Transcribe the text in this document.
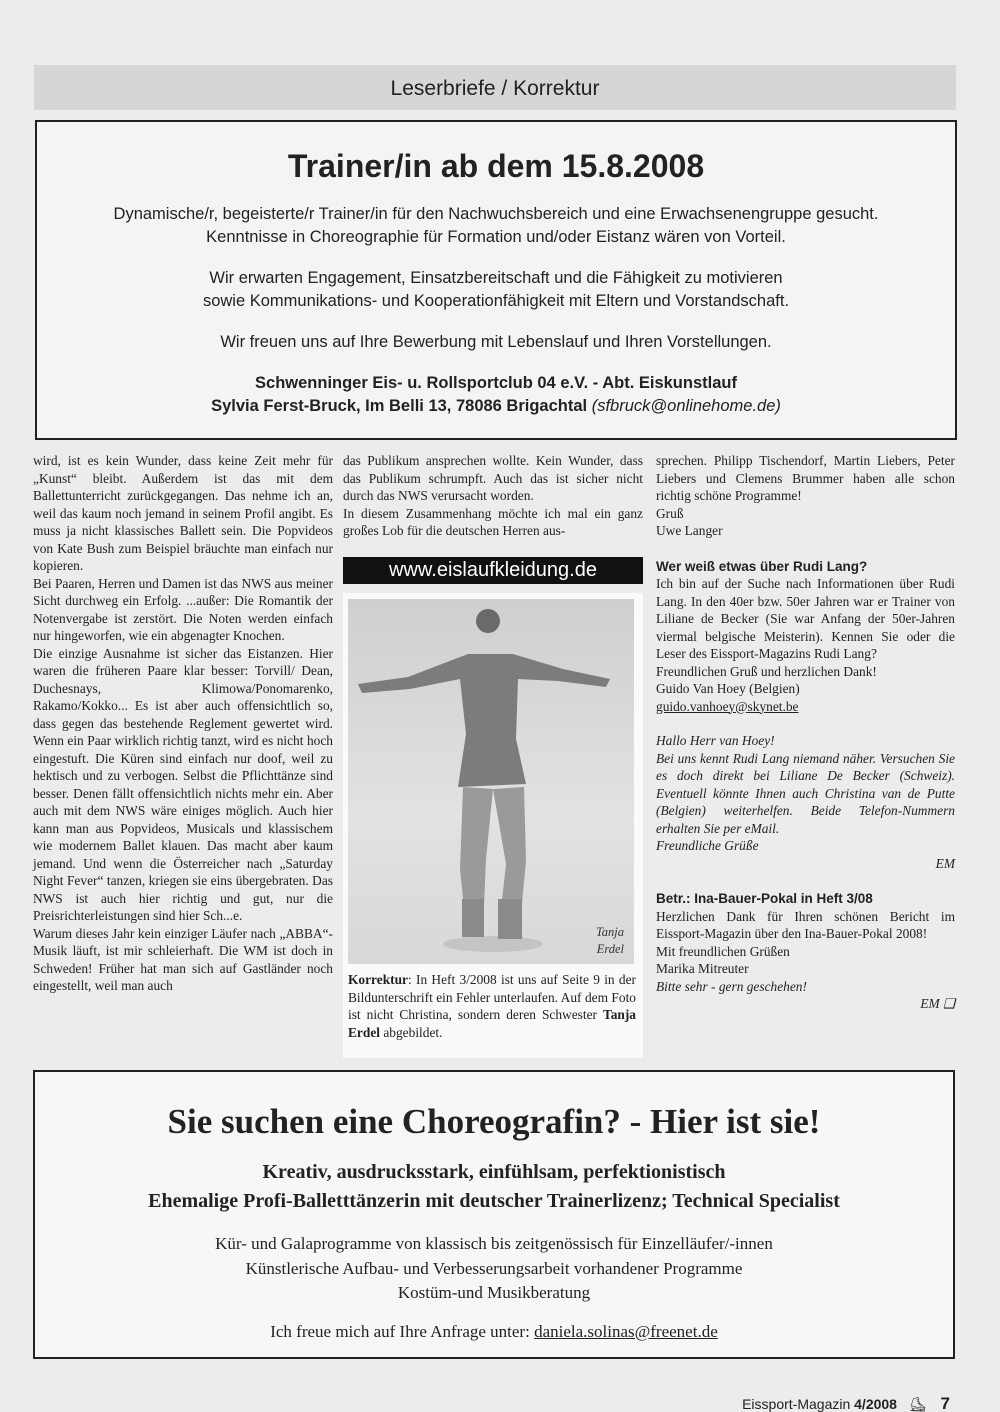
Leserbriefe / Korrektur
Trainer/in ab dem 15.8.2008

Dynamische/r, begeisterte/r Trainer/in für den Nachwuchsbereich und eine Erwachsenengruppe gesucht.

Kenntnisse in Choreographie für Formation und/oder Eistanz wären von Vorteil.

Wir erwarten Engagement, Einsatzbereitschaft und die Fähigkeit zu motivieren

sowie Kommunikations- und Kooperationfähigkeit mit Eltern und Vorstandschaft.

Wir freuen uns auf Ihre Bewerbung mit Lebenslauf und Ihren Vorstellungen.

Schwenninger Eis- u. Rollsportclub 04 e.V. - Abt. Eiskunstlauf
Sylvia Ferst-Bruck, Im Belli 13, 78086 Brigachtal (sfbruck@onlinehome.de)

wird, ist es kein Wunder, dass keine Zeit mehr für „Kunst“ bleibt. Außerdem ist das mit dem Ballettunterricht zurückgegangen. Das nehme ich an, weil das kaum noch jemand in seinem Profil angibt. Es muss ja nicht klassisches Ballett sein. Die Popvideos von Kate Bush zum Beispiel bräuchte man einfach nur kopieren.

Bei Paaren, Herren und Damen ist das NWS aus meiner Sicht durchweg ein Erfolg. ...außer: Die Romantik der Notenvergabe ist zerstört. Die Noten werden einfach nur hingeworfen, wie ein abgenagter Knochen.

Die einzige Ausnahme ist sicher das Eistanzen. Hier waren die früheren Paare klar besser: Torvill/ Dean, Duchesnays, Klimowa/Ponomarenko, Rakamo/Kokko... Es ist aber auch offensichtlich so, dass gegen das bestehende Reglement gewertet wird. Wenn ein Paar wirklich richtig tanzt, wird es nicht hoch eingestuft. Die Küren sind einfach nur doof, weil zu hektisch und zu verbogen. Selbst die Pflichttänze sind besser. Denen fällt offensichtlich nichts mehr ein. Aber auch mit dem NWS wäre einiges möglich. Auch hier kann man aus Popvideos, Musicals und klassischem wie modernem Ballet klauen. Das macht aber kaum jemand. Und wenn die Österreicher nach „Saturday Night Fever“ tanzen, kriegen sie eins übergebraten. Das NWS ist auch hier richtig und gut, nur die Preisrichterleistungen sind hier Sch...e.

Warum dieses Jahr kein einziger Läufer nach „ABBA“-Musik läuft, ist mir schleierhaft. Die WM ist doch in Schweden! Früher hat man sich auf Gastländer noch eingestellt, weil man auch

das Publikum ansprechen wollte. Kein Wunder, dass das Publikum schrumpft. Auch das ist sicher nicht durch das NWS verursacht worden.

In diesem Zusammenhang möchte ich mal ein ganz großes Lob für die deutschen Herren aus-

www.eislaufkleidung.de
Tanja
Erdel
Korrektur: In Heft 3/2008 ist uns auf Seite 9 in der Bildunterschrift ein Fehler unterlaufen. Auf dem Foto ist nicht Christina, sondern deren Schwester Tanja Erdel abgebildet.

sprechen. Philipp Tischendorf, Martin Liebers, Peter Liebers und Clemens Brummer haben alle schon richtig schöne Programme!

Gruß

Uwe Langer

Wer weiß etwas über Rudi Lang?

Ich bin auf der Suche nach Informationen über Rudi Lang. In den 40er bzw. 50er Jahren war er Trainer von Liliane de Becker (Sie war Anfang der 50er-Jahren viermal belgische Meisterin). Kennen Sie oder die Leser des Eissport-Magazins Rudi Lang?

Freundlichen Gruß und herzlichen Dank!

Guido Van Hoey (Belgien)

guido.vanhoey@skynet.be

Hallo Herr van Hoey!

Bei uns kennt Rudi Lang niemand näher. Versuchen Sie es doch direkt bei Liliane De Becker (Schweiz). Eventuell könnte Ihnen auch Christina van de Putte (Belgien) weiterhelfen. Beide Telefon-Nummern erhalten Sie per eMail.

Freundliche Grüße

EM

Betr.: Ina-Bauer-Pokal in Heft 3/08

Herzlichen Dank für Ihren schönen Bericht im Eissport-Magazin über den Ina-Bauer-Pokal 2008!

Mit freundlichen Grüßen

Marika Mitreuter

Bitte sehr - gern geschehen!

EM ❑

Sie suchen eine Choreografin? - Hier ist sie!

Kreativ, ausdrucksstark, einfühlsam, perfektionistisch

Ehemalige Profi-Balletttänzerin mit deutscher Trainerlizenz; Technical Specialist

Kür- und Galaprogramme von klassisch bis zeitgenössisch für Einzelläufer/-innen

Künstlerische Aufbau- und Verbesserungsarbeit vorhandener Programme

Kostüm-und Musikberatung

Ich freue mich auf Ihre Anfrage unter: daniela.solinas@freenet.de

Eissport-Magazin 4/2008 ⛸ 7
